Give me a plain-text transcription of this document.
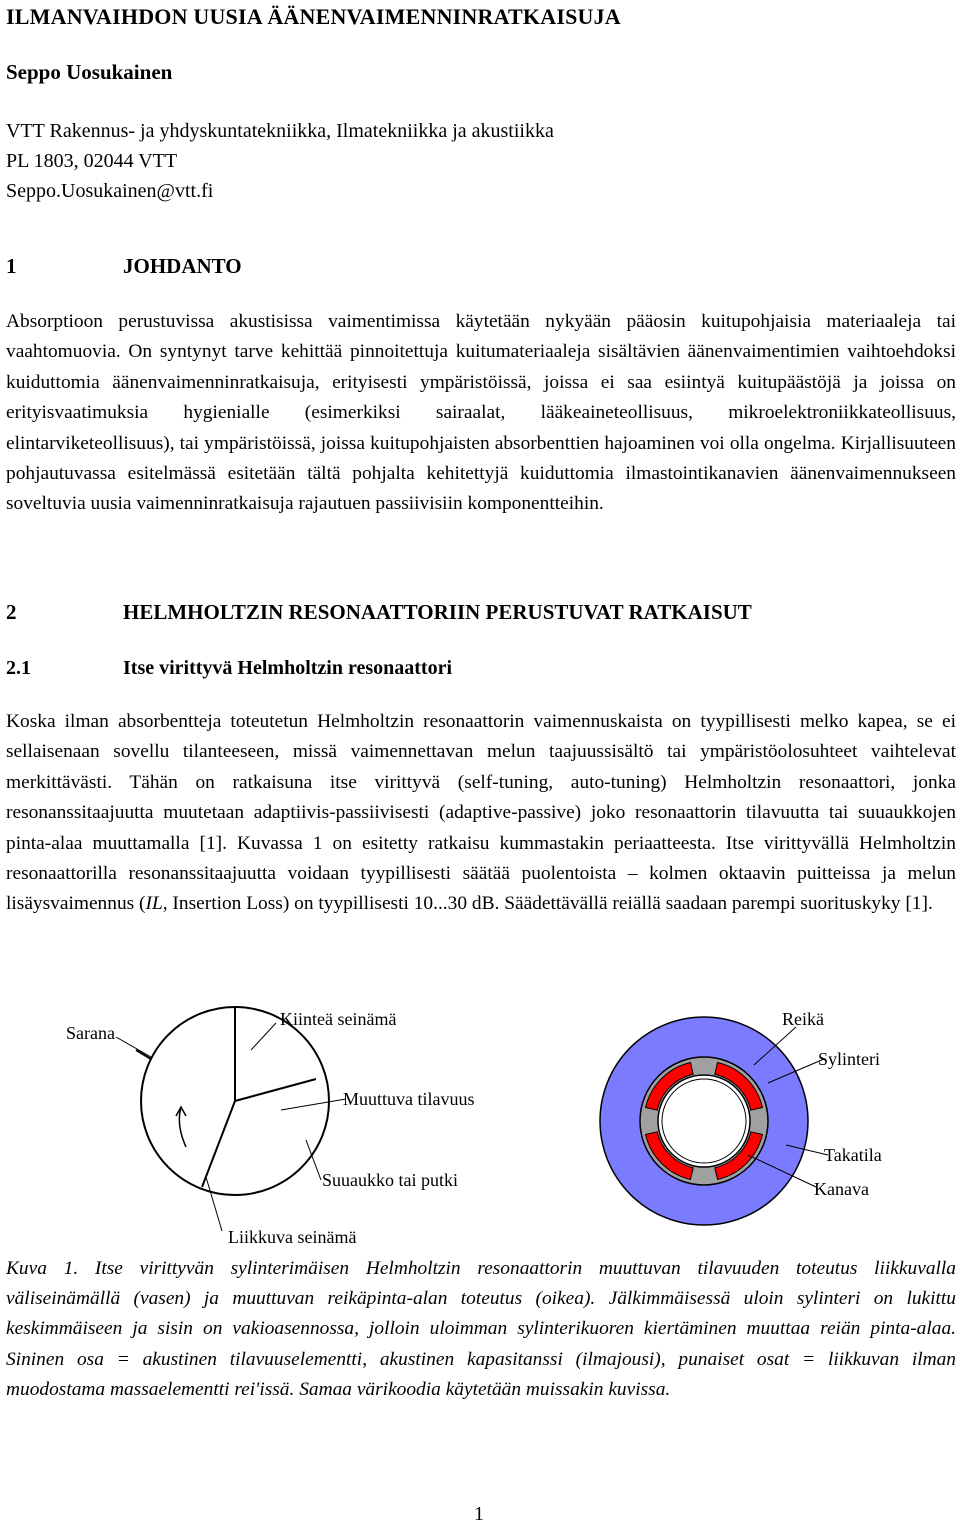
ILMANVAIHDON UUSIA ÄÄNENVAIMENNINRATKAISUJA
Seppo Uosukainen
VTT Rakennus- ja yhdyskuntatekniikka, Ilmatekniikka ja akustiikka
PL 1803, 02044 VTT
Seppo.Uosukainen@vtt.fi
1	JOHDANTO
Absorptioon perustuvissa akustisissa vaimentimissa käytetään nykyään pääosin kuitupohjaisia materiaaleja tai vaahtomuovia. On syntynyt tarve kehittää pinnoitettuja kuitumateriaaleja sisältävien äänenvaimentimien vaihtoehdoksi kuiduttomia äänenvaimenninratkaisuja, erityisesti ympäristöissä, joissa ei saa esiintyä kuitupäästöjä ja joissa on erityisvaatimuksia hygienialle (esimerkiksi sairaalat, lääkeaineteollisuus, mikroelektroniikkateollisuus, elintarviketeollisuus), tai ympäristöissä, joissa kuitupohjaisten absorbenttien hajoaminen voi olla ongelma. Kirjallisuuteen pohjautuvassa esitelmässä esitetään tältä pohjalta kehitettyjä kuiduttomia ilmastointikanavien äänenvaimennukseen soveltuvia uusia vaimenninratkaisuja rajautuen passiivisiin komponentteihin.
2	HELMHOLTZIN RESONAATTORIIN PERUSTUVAT RATKAISUT
2.1	Itse virittyvä Helmholtzin resonaattori
Koska ilman absorbentteja toteutetun Helmholtzin resonaattorin vaimennuskaista on tyypillisesti melko kapea, se ei sellaisenaan sovellu tilanteeseen, missä vaimennettavan melun taajuussisältö tai ympäristöolosuhteet vaihtelevat merkittävästi. Tähän on ratkaisuna itse virittyvä (self-tuning, auto-tuning) Helmholtzin resonaattori, jonka resonanssitaajuutta muutetaan adaptiivis-passiivisesti (adaptive-passive) joko resonaattorin tilavuutta tai suuaukkojen pinta-alaa muuttamalla [1]. Kuvassa 1 on esitetty ratkaisu kummastakin periaatteesta. Itse virittyvällä Helmholtzin resonaattorilla resonanssitaajuutta voidaan tyypillisesti säätää puolentoista – kolmen oktaavin puitteissa ja melun lisäysvaimennus (IL, Insertion Loss) on tyypillisesti 10...30 dB. Säädettävällä reiällä saadaan parempi suorituskyky [1].
Sarana
Kiinteä seinämä
Muuttuva tilavuus
Suuaukko tai putki
Liikkuva seinämä
Reikä
Sylinteri
Takatila
Kanava
Kuva 1. Itse virittyvän sylinterimäisen Helmholtzin resonaattorin muuttuvan tilavuuden toteutus liikkuvalla väliseinämällä (vasen) ja muuttuvan reikäpinta-alan toteutus (oikea). Jälkimmäisessä uloin sylinteri on lukittu keskimmäiseen ja sisin on vakioasennossa, jolloin uloimman sylinterikuoren kiertäminen muuttaa reiän pinta-alaa. Sininen osa = akustinen tilavuuselementti, akustinen kapasitanssi (ilmajousi), punaiset osat = liikkuvan ilman muodostama massaelementti rei'issä. Samaa värikoodia käytetään muissakin kuvissa.
1
